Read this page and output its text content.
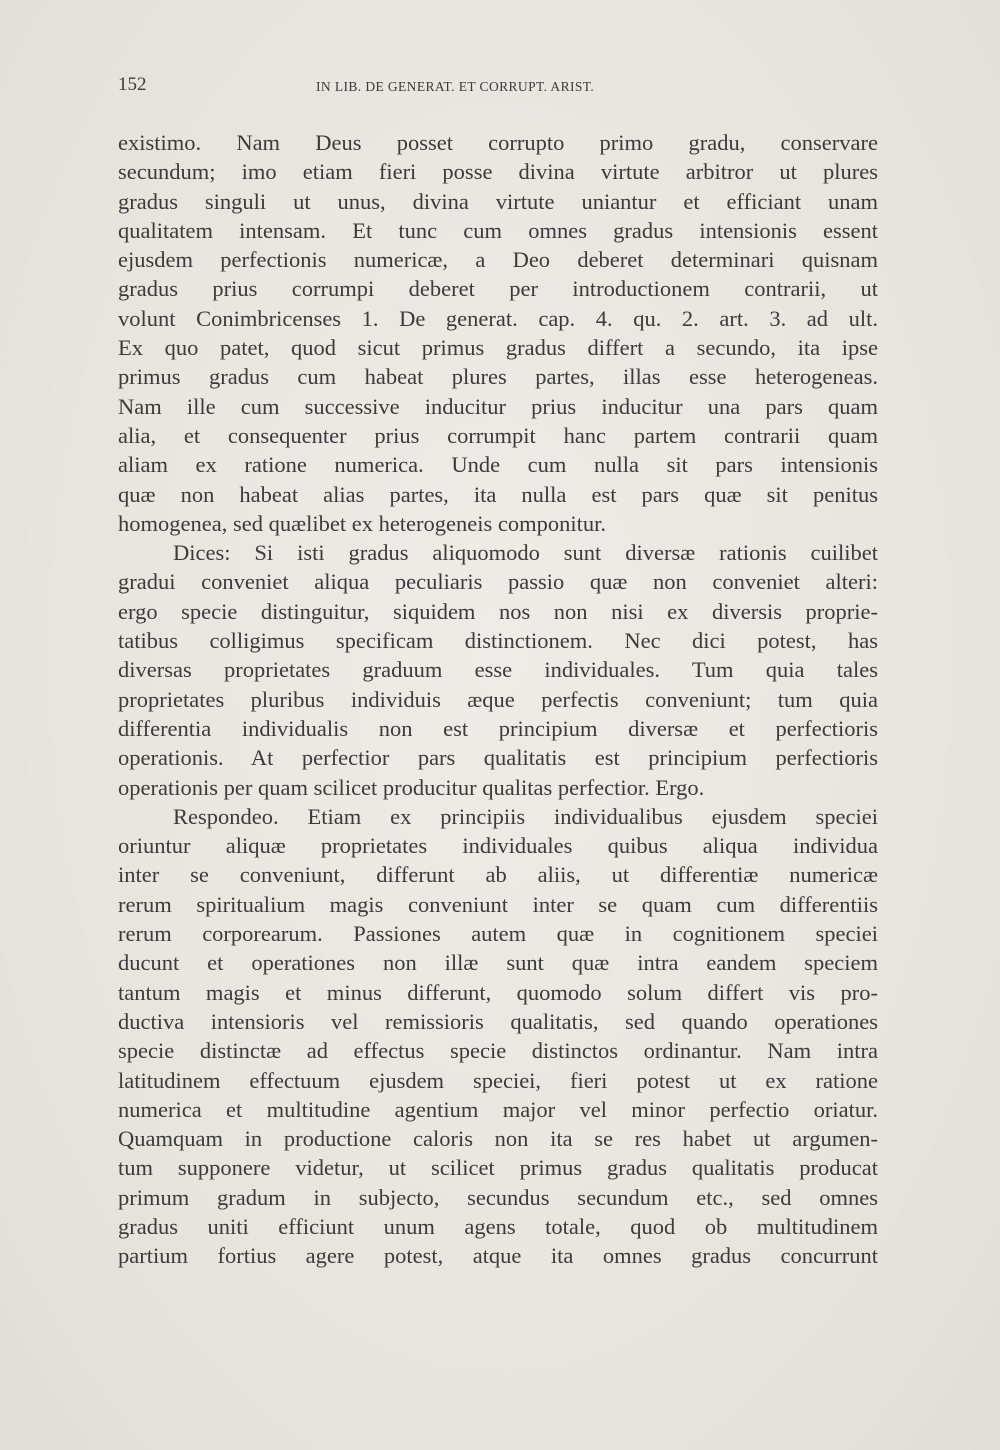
152	IN LIB. DE GENERAT. ET CORRUPT. ARIST.
existimo. Nam Deus posset corrupto primo gradu, conservare
secundum; imo etiam fieri posse divina virtute arbitror ut plures
gradus singuli ut unus, divina virtute uniantur et efficiant unam
qualitatem intensam. Et tunc cum omnes gradus intensionis essent
ejusdem perfectionis numericæ, a Deo deberet determinari quisnam
gradus prius corrumpi deberet per introductionem contrarii, ut
volunt Conimbricenses 1. De generat. cap. 4. qu. 2. art. 3. ad ult.
Ex quo patet, quod sicut primus gradus differt a secundo, ita ipse
primus gradus cum habeat plures partes, illas esse heterogeneas.
Nam ille cum successive inducitur prius inducitur una pars quam
alia, et consequenter prius corrumpit hanc partem contrarii quam
aliam ex ratione numerica. Unde cum nulla sit pars intensionis
quæ non habeat alias partes, ita nulla est pars quæ sit penitus
homogenea, sed quælibet ex heterogeneis componitur.
Dices: Si isti gradus aliquomodo sunt diversæ rationis cuilibet
gradui conveniet aliqua peculiaris passio quæ non conveniet alteri:
ergo specie distinguitur, siquidem nos non nisi ex diversis proprie-
tatibus colligimus specificam distinctionem. Nec dici potest, has
diversas proprietates graduum esse individuales. Tum quia tales
proprietates pluribus individuis æque perfectis conveniunt; tum quia
differentia individualis non est principium diversæ et perfectioris
operationis. At perfectior pars qualitatis est principium perfectioris
operationis per quam scilicet producitur qualitas perfectior. Ergo.
Respondeo. Etiam ex principiis individualibus ejusdem speciei
oriuntur aliquæ proprietates individuales quibus aliqua individua
inter se conveniunt, differunt ab aliis, ut differentiæ numericæ
rerum spiritualium magis conveniunt inter se quam cum differentiis
rerum corporearum. Passiones autem quæ in cognitionem speciei
ducunt et operationes non illæ sunt quæ intra eandem speciem
tantum magis et minus differunt, quomodo solum differt vis pro-
ductiva intensioris vel remissioris qualitatis, sed quando operationes
specie distinctæ ad effectus specie distinctos ordinantur. Nam intra
latitudinem effectuum ejusdem speciei, fieri potest ut ex ratione
numerica et multitudine agentium major vel minor perfectio oriatur.
Quamquam in productione caloris non ita se res habet ut argumen-
tum supponere videtur, ut scilicet primus gradus qualitatis producat
primum gradum in subjecto, secundus secundum etc., sed omnes
gradus uniti efficiunt unum agens totale, quod ob multitudinem
partium fortius agere potest, atque ita omnes gradus concurrunt
